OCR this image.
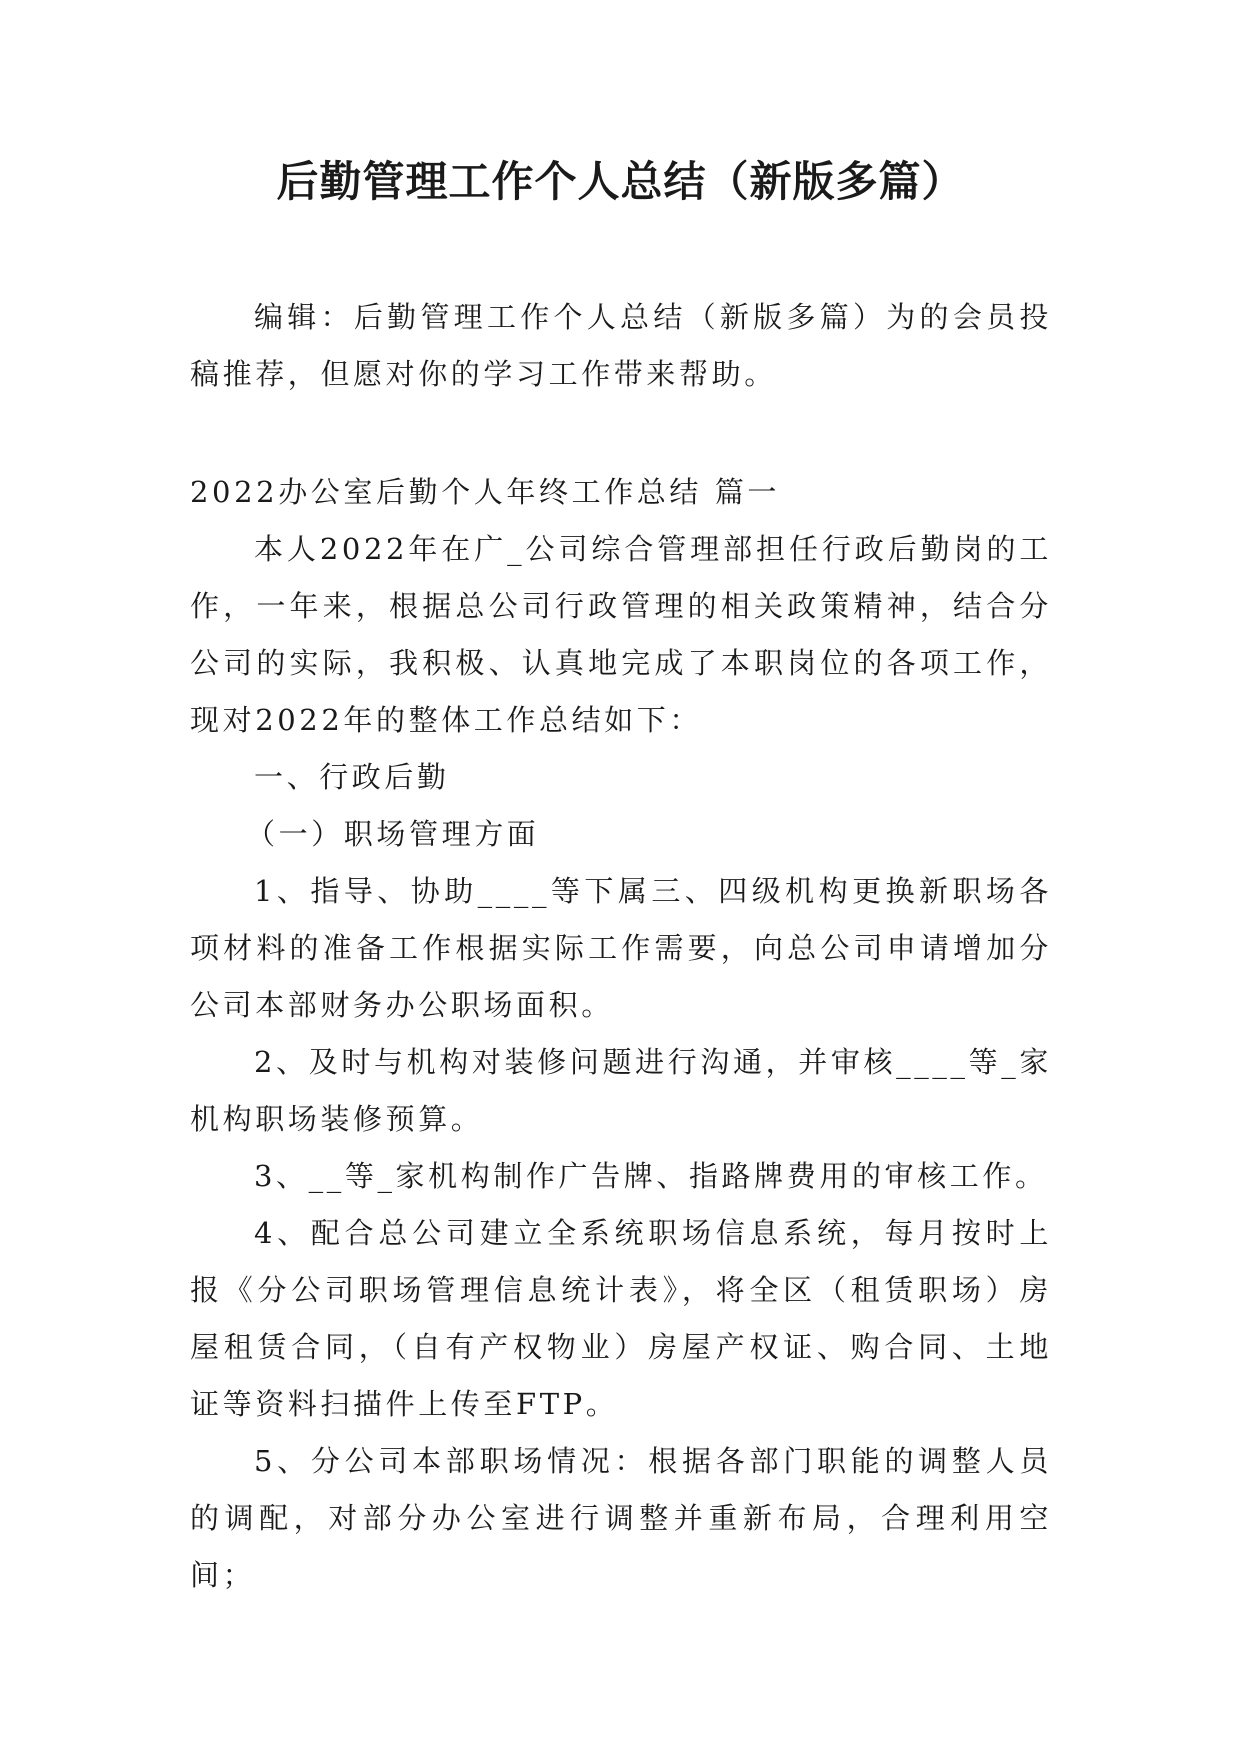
后勤管理工作个人总结（新版多篇）

编辑：后勤管理工作个人总结（新版多篇）为的会员投稿推荐，但愿对你的学习工作带来帮助。

2022办公室后勤个人年终工作总结 篇一

本人2022年在广_公司综合管理部担任行政后勤岗的工作，一年来，根据总公司行政管理的相关政策精神，结合分公司的实际，我积极、认真地完成了本职岗位的各项工作，现对2022年的整体工作总结如下：

一、行政后勤

（一）职场管理方面

1、指导、协助____等下属三、四级机构更换新职场各项材料的准备工作根据实际工作需要，向总公司申请增加分公司本部财务办公职场面积。

2、及时与机构对装修问题进行沟通，并审核____等_家机构职场装修预算。

3、__等_家机构制作广告牌、指路牌费用的审核工作。

4、配合总公司建立全系统职场信息系统，每月按时上报《分公司职场管理信息统计表》，将全区（租赁职场）房屋租赁合同，（自有产权物业）房屋产权证、购合同、土地证等资料扫描件上传至FTP。

5、分公司本部职场情况：根据各部门职能的调整人员的调配，对部分办公室进行调整并重新布局，合理利用空间；
